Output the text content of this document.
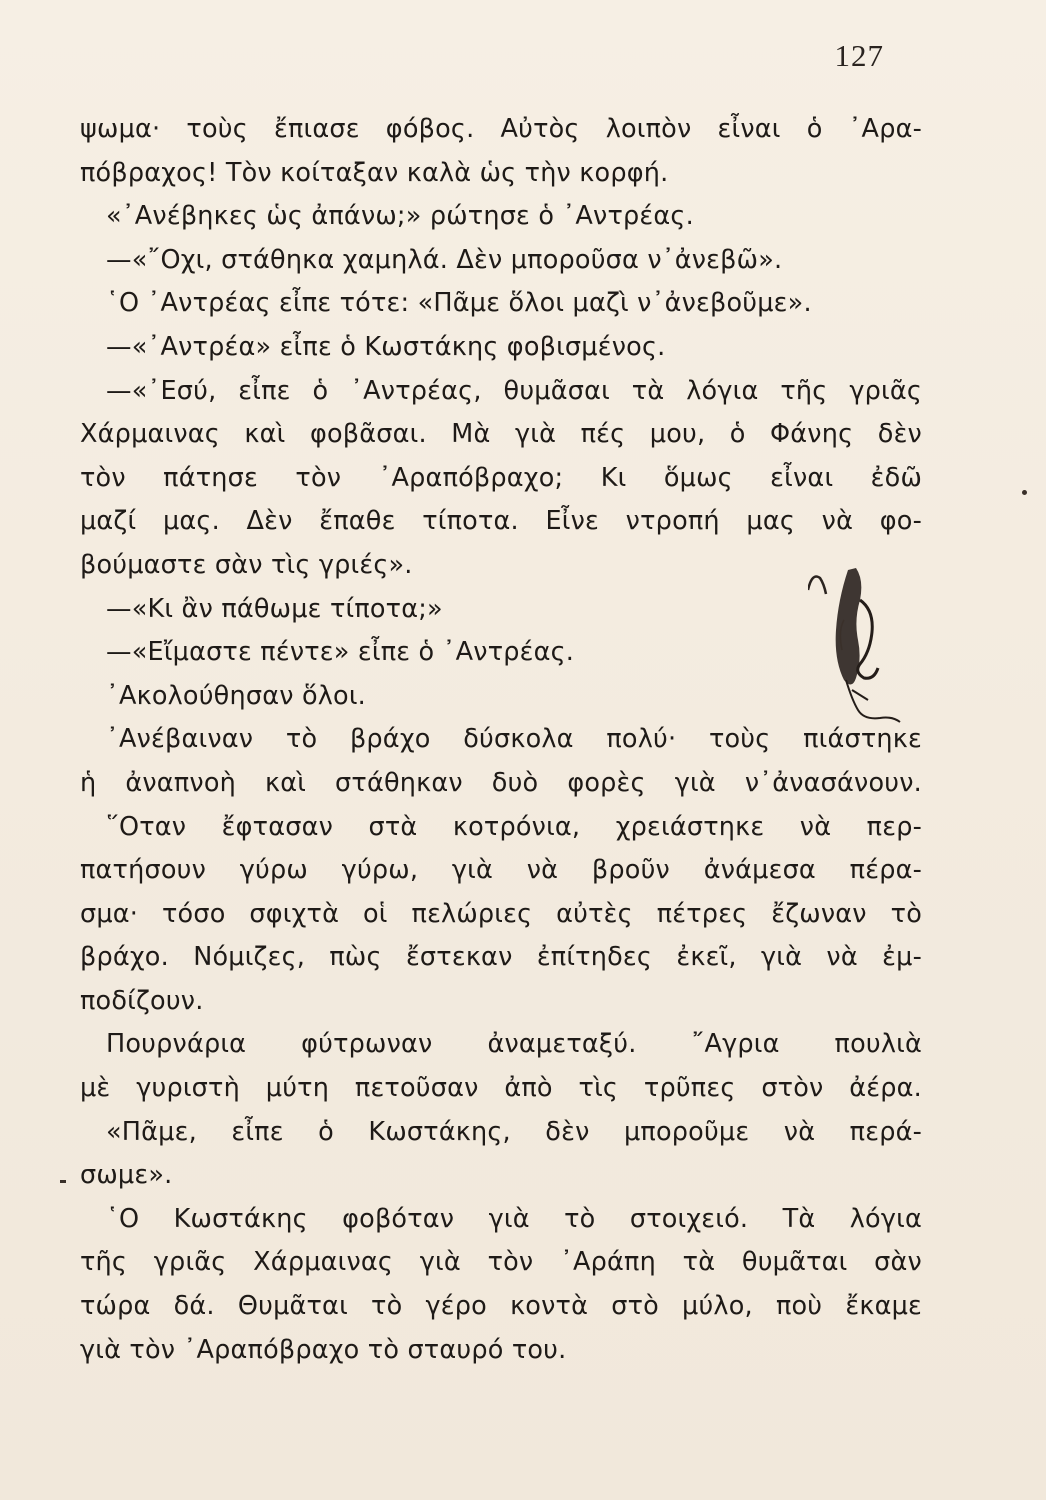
127
ψωμα· τοὺς ἔπιασε φόβος. Αὐτὸς λοιπὸν εἶναι ὁ ᾿Αρα-
πόβραχος! Τὸν κοίταξαν καλὰ ὡς τὴν κορφή.
«᾿Ανέβηκες ὡς ἀπάνω;» ρώτησε ὁ ᾿Αντρέας.
—«῎Οχι, στάθηκα χαμηλά. Δὲν μποροῦσα ν᾿ἀνεβῶ».
῾Ο ᾿Αντρέας εἶπε τότε: «Πᾶμε ὅλοι μαζὶ ν᾿ἀνεβοῦμε».
—«᾿Αντρέα» εἶπε ὁ Κωστάκης φοβισμένος.
—«᾿Εσύ, εἶπε ὁ ᾿Αντρέας, θυμᾶσαι τὰ λόγια τῆς γριᾶς
Χάρμαινας καὶ φοβᾶσαι. Μὰ γιὰ πές μου, ὁ Φάνης δὲν
τὸν πάτησε τὸν ᾿Αραπόβραχο; Κι ὅμως εἶναι ἐδῶ
μαζί μας. Δὲν ἔπαθε τίποτα. Εἶνε ντροπή μας νὰ φο-
βούμαστε σὰν τὶς γριές».
—«Κι ἂν πάθωμε τίποτα;»
—«Εἴμαστε πέντε» εἶπε ὁ ᾿Αντρέας.
᾿Ακολούθησαν ὅλοι.
᾿Ανέβαιναν τὸ βράχο δύσκολα πολύ· τοὺς πιάστηκε
ἡ ἀναπνοὴ καὶ στάθηκαν δυὸ φορὲς γιὰ ν᾿ἀνασάνουν.
῞Οταν ἔφτασαν στὰ κοτρόνια, χρειάστηκε νὰ περ-
πατήσουν γύρω γύρω, γιὰ νὰ βροῦν ἀνάμεσα πέρα-
σμα· τόσο σφιχτὰ οἱ πελώριες αὐτὲς πέτρες ἔζωναν τὸ
βράχο. Νόμιζες, πὼς ἔστεκαν ἐπίτηδες ἐκεῖ, γιὰ νὰ ἐμ-
ποδίζουν.
Πουρνάρια φύτρωναν ἀναμεταξύ. ῎Αγρια πουλιὰ
μὲ γυριστὴ μύτη πετοῦσαν ἀπὸ τὶς τρῦπες στὸν ἀέρα.
«Πᾶμε, εἶπε ὁ Κωστάκης, δὲν μποροῦμε νὰ περά-
σωμε».
῾Ο Κωστάκης φοβόταν γιὰ τὸ στοιχειό. Τὰ λόγια
τῆς γριᾶς Χάρμαινας γιὰ τὸν ᾿Αράπη τὰ θυμᾶται σὰν
τώρα δά. Θυμᾶται τὸ γέρο κοντὰ στὸ μύλο, ποὺ ἔκαμε
γιὰ τὸν ᾿Αραπόβραχο τὸ σταυρό του.
